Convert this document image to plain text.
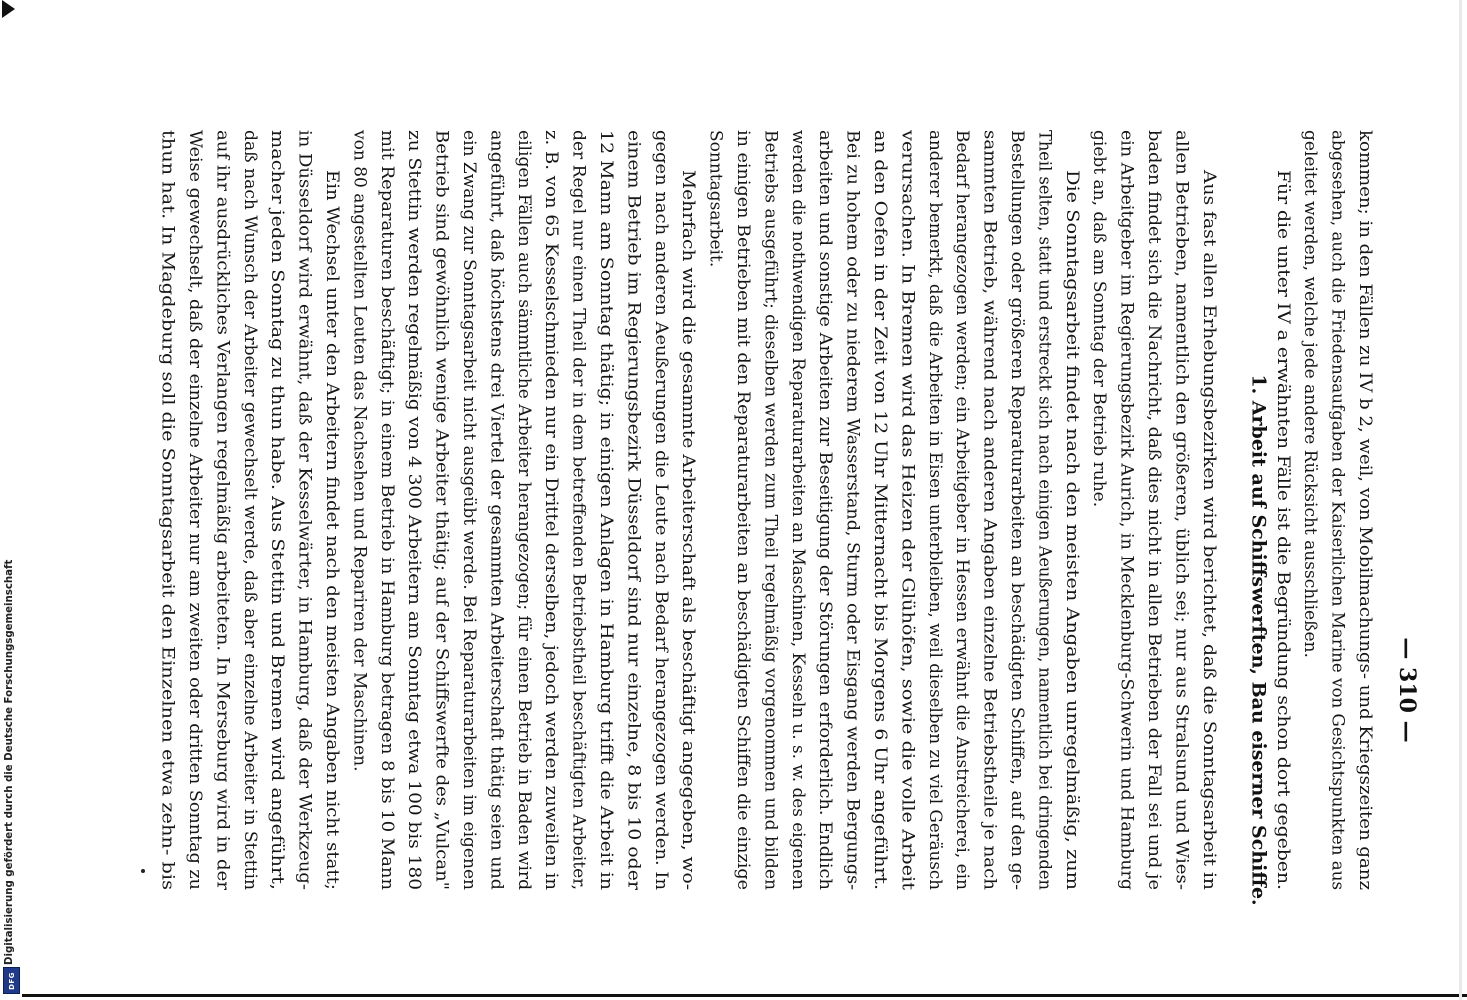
Digitalisierung gefördert durch die Deutsche Forschungsgemeinschaft
DFG
— 310 —
kommen; in den Fällen zu IV b 2, weil, von Mobilmachungs- und Kriegszeiten ganz
abgesehen, auch die Friedensaufgaben der Kaiserlichen Marine von Gesichtspunkten aus
geleitet werden, welche jede andere Rücksicht ausschließen.
Für die unter IV a erwähnten Fälle ist die Begründung schon dort gegeben.
1. Arbeit auf Schiffswerften, Bau eiserner Schiffe.
Aus fast allen Erhebungsbezirken wird berichtet, daß die Sonntagsarbeit in
allen Betrieben, namentlich den größeren, üblich sei; nur aus Stralsund und Wies-
baden findet sich die Nachricht, daß dies nicht in allen Betrieben der Fall sei und je
ein Arbeitgeber im Regierungsbezirk Aurich, in Mecklenburg-Schwerin und Hamburg
giebt an, daß am Sonntag der Betrieb ruhe.
Die Sonntagsarbeit findet nach den meisten Angaben unregelmäßig, zum
Theil selten, statt und erstreckt sich nach einigen Aeußerungen, namentlich bei dringenden
Bestellungen oder größeren Reparaturarbeiten an beschädigten Schiffen, auf den ge-
sammten Betrieb, während nach anderen Angaben einzelne Betriebstheile je nach
Bedarf herangezogen werden; ein Arbeitgeber in Hessen erwähnt die Anstreicherei, ein
anderer bemerkt, daß die Arbeiten in Eisen unterbleiben, weil dieselben zu viel Geräusch
verursachen. In Bremen wird das Heizen der Glühöfen, sowie die volle Arbeit
an den Oefen in der Zeit von 12 Uhr Mitternacht bis Morgens 6 Uhr angeführt.
Bei zu hohem oder zu niederem Wasserstand, Sturm oder Eisgang werden Bergungs-
arbeiten und sonstige Arbeiten zur Beseitigung der Störungen erforderlich. Endlich
werden die nothwendigen Reparaturarbeiten an Maschinen, Kesseln u. s. w. des eigenen
Betriebs ausgeführt; dieselben werden zum Theil regelmäßig vorgenommen und bilden
in einigen Betrieben mit den Reparaturarbeiten an beschädigten Schiffen die einzige
Sonntagsarbeit.
Mehrfach wird die gesammte Arbeiterschaft als beschäftigt angegeben, wo-
gegen nach anderen Aeußerungen die Leute nach Bedarf herangezogen werden. In
einem Betrieb im Regierungsbezirk Düsseldorf sind nur einzelne, 8 bis 10 oder
12 Mann am Sonntag thätig; in einigen Anlagen in Hamburg trifft die Arbeit in
der Regel nur einen Theil der in dem betreffenden Betriebstheil beschäftigten Arbeiter,
z. B. von 65 Kesselschmieden nur ein Drittel derselben, jedoch werden zuweilen in
eiligen Fällen auch sämmtliche Arbeiter herangezogen; für einen Betrieb in Baden wird
angeführt, daß höchstens drei Viertel der gesammten Arbeiterschaft thätig seien und
ein Zwang zur Sonntagsarbeit nicht ausgeübt werde. Bei Reparaturarbeiten im eigenen
Betrieb sind gewöhnlich wenige Arbeiter thätig; auf der Schiffswerfte des „Vulcan"
zu Stettin werden regelmäßig von 4 300 Arbeitern am Sonntag etwa 100 bis 180
mit Reparaturen beschäftigt; in einem Betrieb in Hamburg betragen 8 bis 10 Mann
von 80 angestellten Leuten das Nachsehen und Repariren der Maschinen.
Ein Wechsel unter den Arbeitern findet nach den meisten Angaben nicht statt;
in Düsseldorf wird erwähnt, daß der Kesselwärter, in Hamburg, daß der Werkzeug-
macher jeden Sonntag zu thun habe. Aus Stettin und Bremen wird angeführt,
daß nach Wunsch der Arbeiter gewechselt werde, daß aber einzelne Arbeiter in Stettin
auf ihr ausdrückliches Verlangen regelmäßig arbeiteten. In Merseburg wird in der
Weise gewechselt, daß der einzelne Arbeiter nur am zweiten oder dritten Sonntag zu
thun hat. In Magdeburg soll die Sonntagsarbeit den Einzelnen etwa zehn- bis
